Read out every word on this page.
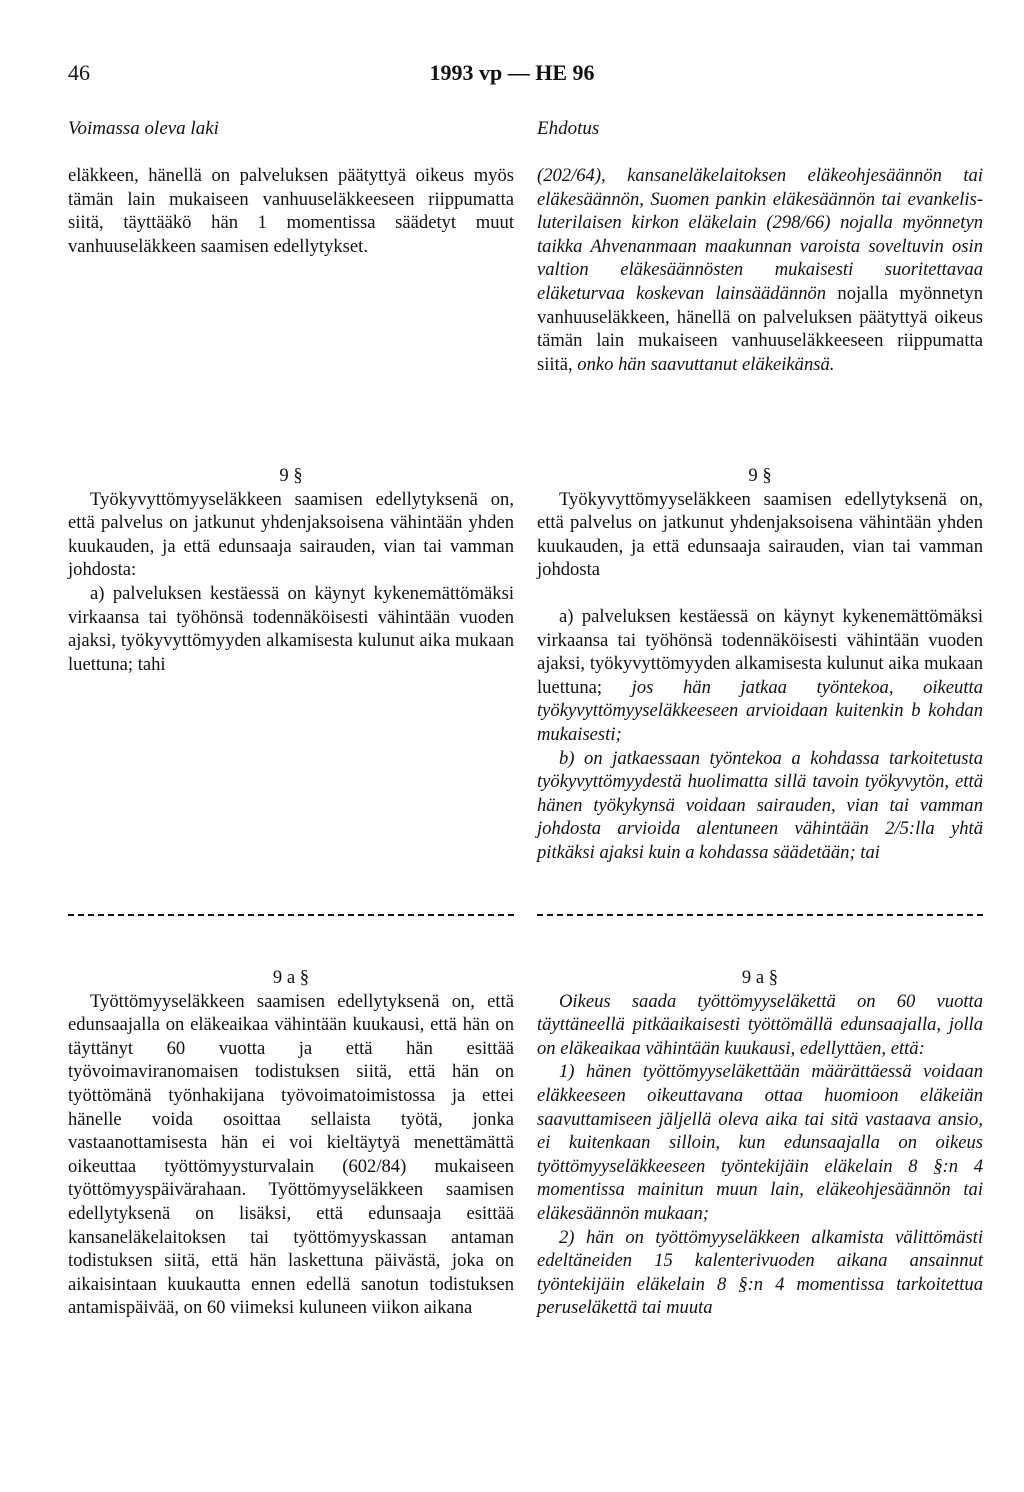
46	1993 vp — HE 96
Voimassa oleva laki	Ehdotus

eläkkeen, hänellä on palveluksen päätyttyä oikeus myös tämän lain mukaiseen vanhuuseläkkeeseen riippumatta siitä, täyttääkö hän 1 momentissa säädetyt muut vanhuuseläkkeen saamisen edellytykset.

(202/64), kansaneläkelaitoksen eläkeohjesäännön tai eläkesäännön, Suomen pankin eläkesäännön tai evankelis-luterilaisen kirkon eläkelain (298/66) nojalla myönnetyn taikka Ahvenanmaan maakunnan varoista soveltuvin osin valtion eläkesäännösten mukaisesti suoritettavaa eläketurvaa koskevan lainsäädännön nojalla myönnetyn vanhuuseläkkeen, hänellä on palveluksen päätyttyä oikeus tämän lain mukaiseen vanhuuseläkkeeseen riippumatta siitä, onko hän saavuttanut eläkeikänsä.

9 §

Työkyvyttömyyseläkkeen saamisen edellytyksenä on, että palvelus on jatkunut yhdenjaksoisena vähintään yhden kuukauden, ja että edunsaaja sairauden, vian tai vamman johdosta:

a) palveluksen kestäessä on käynyt kykenemättömäksi virkaansa tai työhönsä todennäköisesti vähintään vuoden ajaksi, työkyvyttömyyden alkamisesta kulunut aika mukaan luettuna; tahi

9 §

Työkyvyttömyyseläkkeen saamisen edellytyksenä on, että palvelus on jatkunut yhdenjaksoisena vähintään yhden kuukauden, ja että edunsaaja sairauden, vian tai vamman johdosta

a) palveluksen kestäessä on käynyt kykenemättömäksi virkaansa tai työhönsä todennäköisesti vähintään vuoden ajaksi, työkyvyttömyyden alkamisesta kulunut aika mukaan luettuna; jos hän jatkaa työntekoa, oikeutta työkyvyttömyyseläkkeeseen arvioidaan kuitenkin b kohdan mukaisesti;

b) on jatkaessaan työntekoa a kohdassa tarkoitetusta työkyvyttömyydestä huolimatta sillä tavoin työkyvytön, että hänen työkykynsä voidaan sairauden, vian tai vamman johdosta arvioida alentuneen vähintään 2/5:lla yhtä pitkäksi ajaksi kuin a kohdassa säädetään; tai

9 a §

Työttömyyseläkkeen saamisen edellytyksenä on, että edunsaajalla on eläkeaikaa vähintään kuukausi, että hän on täyttänyt 60 vuotta ja että hän esittää työvoimaviranomaisen todistuksen siitä, että hän on työttömänä työnhakijana työvoimatoimistossa ja ettei hänelle voida osoittaa sellaista työtä, jonka vastaanottamisesta hän ei voi kieltäytyä menettämättä oikeuttaa työttömyysturvalain (602/84) mukaiseen työttömyyspäivärahaan. Työttömyyseläkkeen saamisen edellytyksenä on lisäksi, että edunsaaja esittää kansaneläkelaitoksen tai työttömyyskassan antaman todistuksen siitä, että hän laskettuna päivästä, joka on aikaisintaan kuukautta ennen edellä sanotun todistuksen antamispäivää, on 60 viimeksi kuluneen viikon aikana

9 a §

Oikeus saada työttömyyseläkettä on 60 vuotta täyttäneellä pitkäaikaisesti työttömällä edunsaajalla, jolla on eläkeaikaa vähintään kuukausi, edellyttäen, että:

1) hänen työttömyyseläkettään määrättäessä voidaan eläkkeeseen oikeuttavana ottaa huomioon eläkeiän saavuttamiseen jäljellä oleva aika tai sitä vastaava ansio, ei kuitenkaan silloin, kun edunsaajalla on oikeus työttömyyseläkkeeseen työntekijäin eläkelain 8 §:n 4 momentissa mainitun muun lain, eläkeohjesäännön tai eläkesäännön mukaan;

2) hän on työttömyyseläkkeen alkamista välittömästi edeltäneiden 15 kalenterivuoden aikana ansainnut työntekijäin eläkelain 8 §:n 4 momentissa tarkoitettua peruseläkettä tai muuta
